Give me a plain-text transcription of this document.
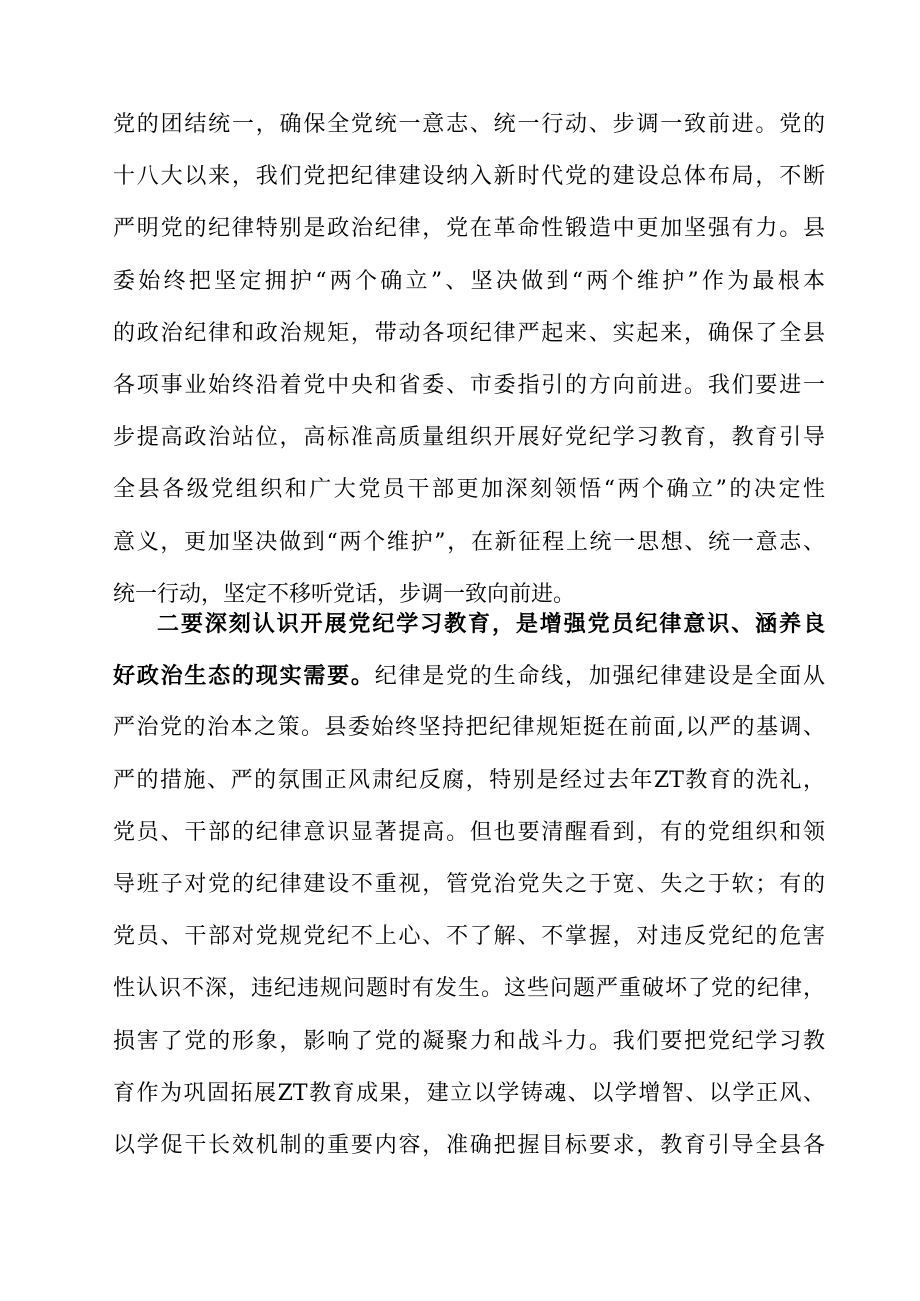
党的团结统一，确保全党统一意志、统一行动、步调一致前进。党的
十八大以来，我们党把纪律建设纳入新时代党的建设总体布局，不断
严明党的纪律特别是政治纪律，党在革命性锻造中更加坚强有力。县
委始终把坚定拥护“两个确立”、坚决做到“两个维护”作为最根本
的政治纪律和政治规矩，带动各项纪律严起来、实起来，确保了全县
各项事业始终沿着党中央和省委、市委指引的方向前进。我们要进一
步提高政治站位，高标准高质量组织开展好党纪学习教育，教育引导
全县各级党组织和广大党员干部更加深刻领悟“两个确立”的决定性
意义，更加坚决做到“两个维护”，在新征程上统一思想、统一意志、
统一行动，坚定不移听党话，步调一致向前进。
二要深刻认识开展党纪学习教育，是增强党员纪律意识、涵养良
好政治生态的现实需要。纪律是党的生命线，加强纪律建设是全面从
严治党的治本之策。县委始终坚持把纪律规矩挺在前面,以严的基调、
严的措施、严的氛围正风肃纪反腐，特别是经过去年ZT教育的洗礼，
党员、干部的纪律意识显著提高。但也要清醒看到，有的党组织和领
导班子对党的纪律建设不重视，管党治党失之于宽、失之于软；有的
党员、干部对党规党纪不上心、不了解、不掌握，对违反党纪的危害
性认识不深，违纪违规问题时有发生。这些问题严重破坏了党的纪律，
损害了党的形象，影响了党的凝聚力和战斗力。我们要把党纪学习教
育作为巩固拓展ZT教育成果，建立以学铸魂、以学增智、以学正风、
以学促干长效机制的重要内容，准确把握目标要求，教育引导全县各
